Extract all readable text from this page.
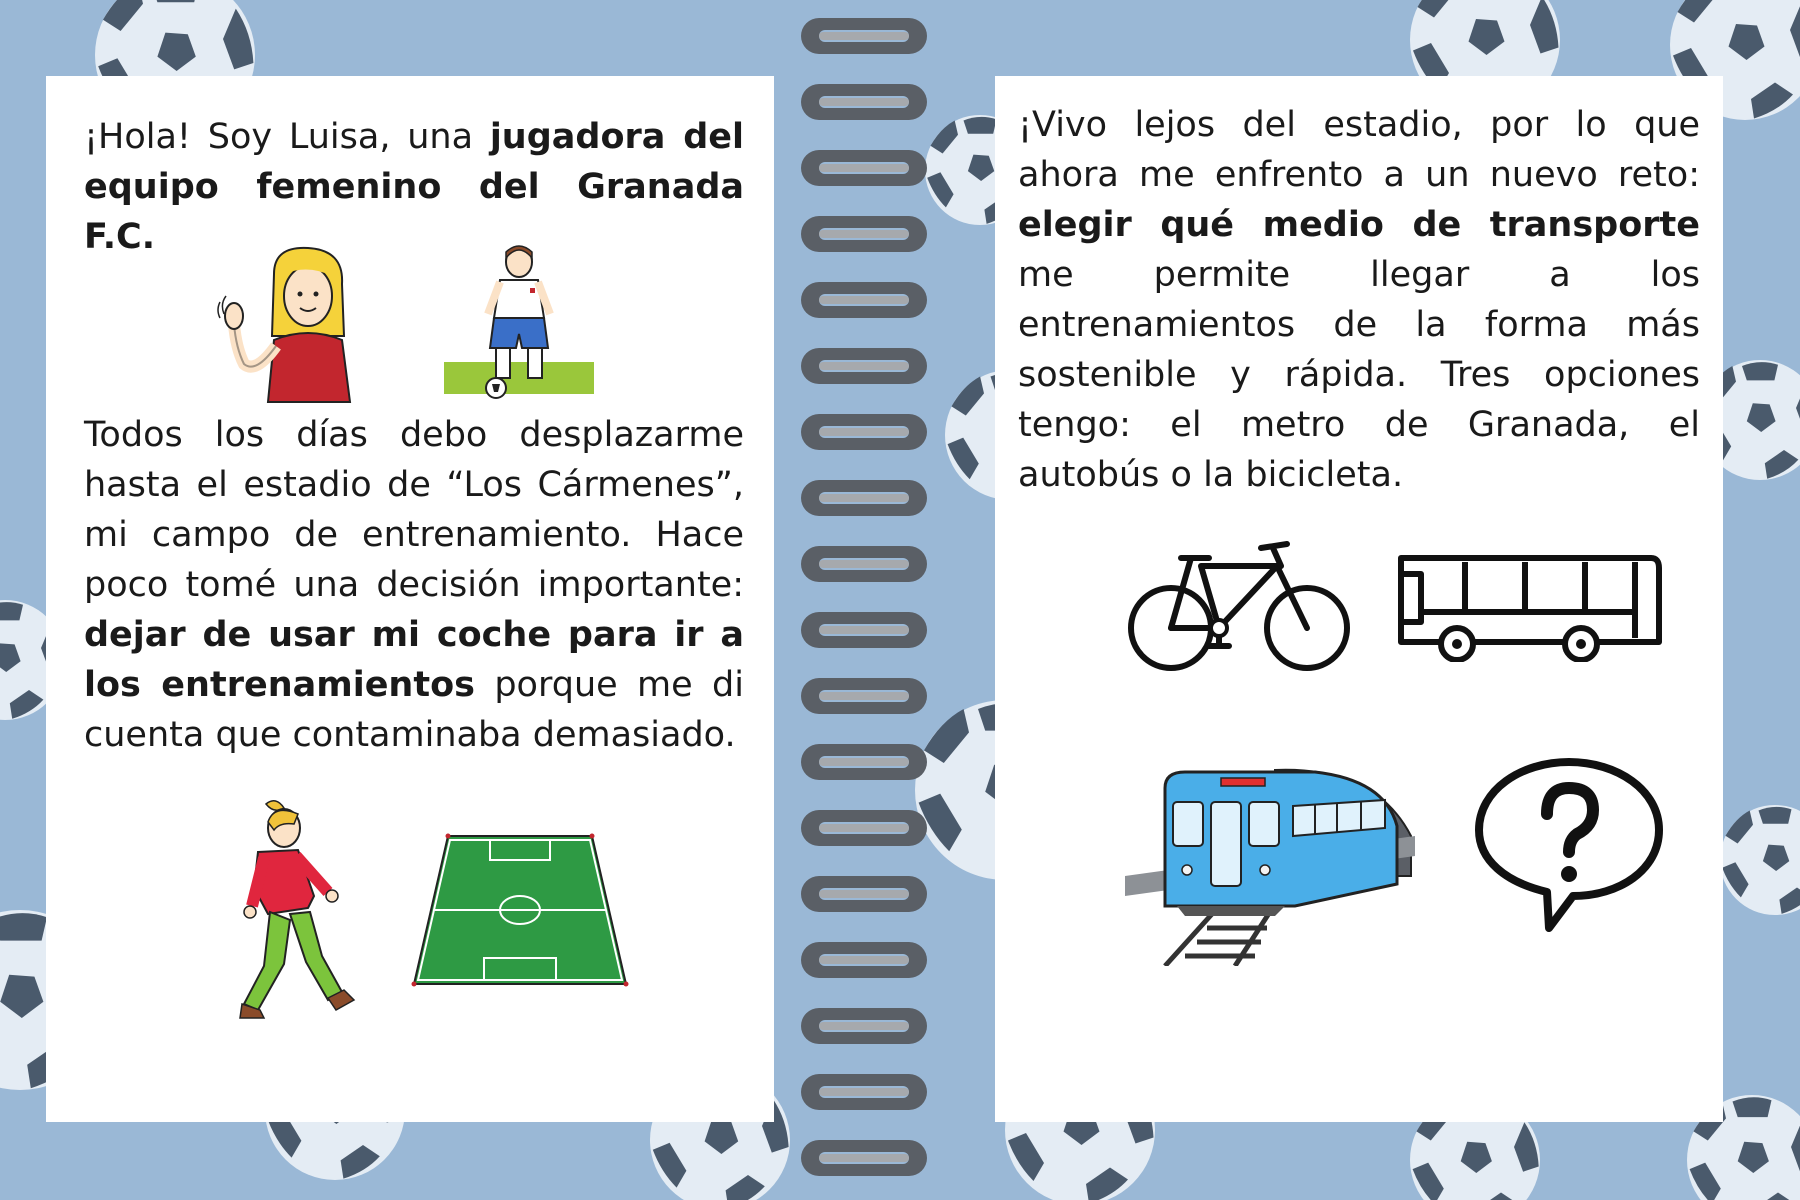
¡Hola! Soy Luisa, una jugadora del equipo femenino del Granada F.C.

Todos los días debo desplazarme hasta el estadio de “Los Cármenes”, mi campo de entrenamiento. Hace poco tomé una decisión importante: dejar de usar mi coche para ir a los entrenamientos porque me di cuenta que contaminaba demasiado.

¡Vivo lejos del estadio, por lo que ahora me enfrento a un nuevo reto: elegir qué medio de transporte me permite llegar a los entrenamientos de la forma más sostenible y rápida. Tres opciones tengo: el metro de Granada, el autobús o la bicicleta.
